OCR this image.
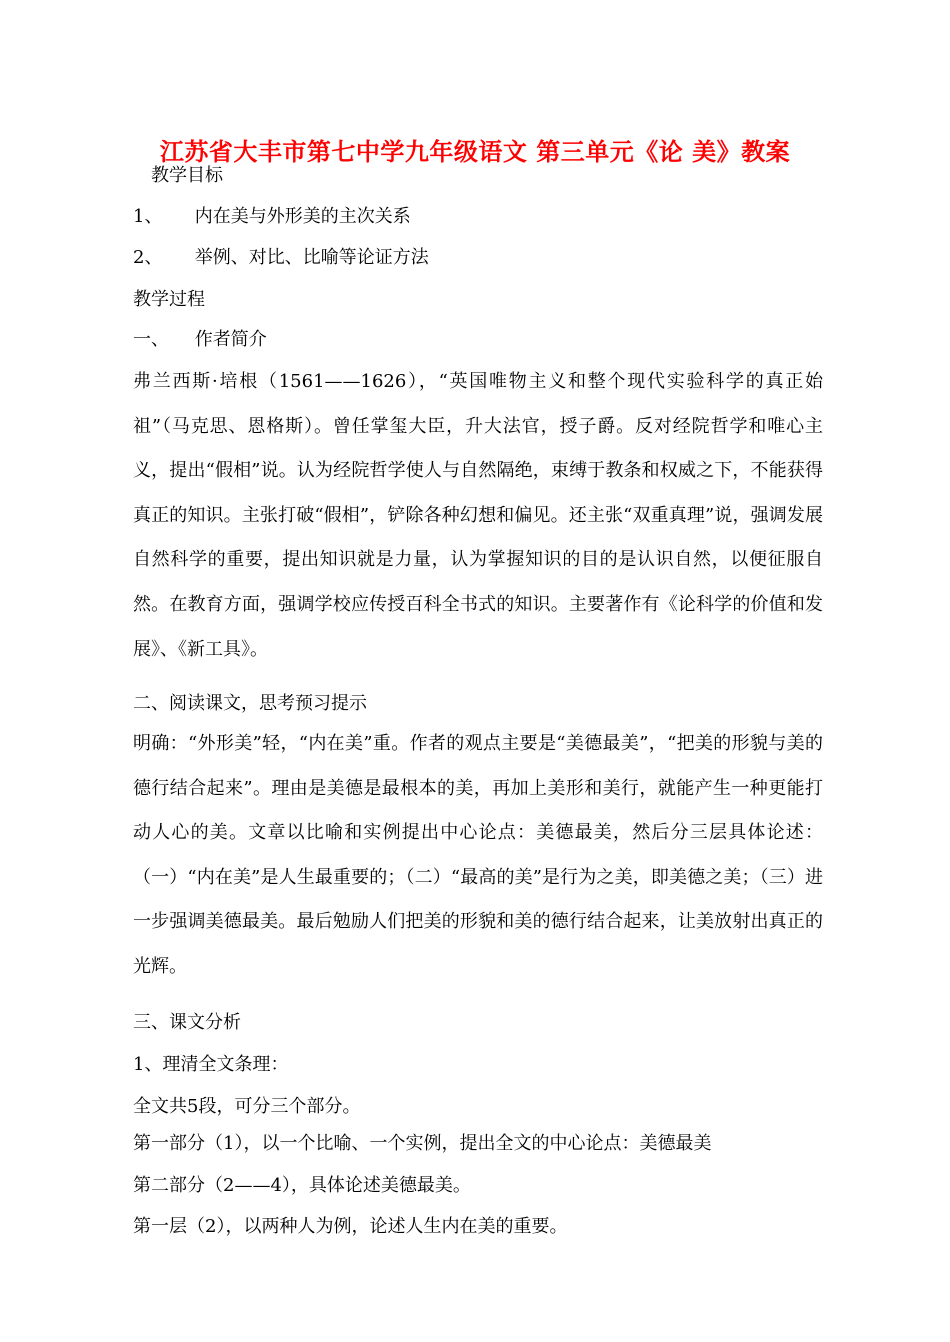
江苏省大丰市第七中学九年级语文 第三单元《论 美》教案
教学目标
1、 内在美与外形美的主次关系
2、 举例、对比、比喻等论证方法
教学过程
一、 作者简介
弗兰西斯·培根（1561——1626），“英国唯物主义和整个现代实验科学的真正始祖”（马克思、恩格斯）。曾任掌玺大臣，升大法官，授子爵。反对经院哲学和唯心主义，提出“假相”说。认为经院哲学使人与自然隔绝，束缚于教条和权威之下，不能获得真正的知识。主张打破“假相”，铲除各种幻想和偏见。还主张“双重真理”说，强调发展自然科学的重要，提出知识就是力量，认为掌握知识的目的是认识自然，以便征服自然。在教育方面，强调学校应传授百科全书式的知识。主要著作有《论科学的价值和发展》、《新工具》。
二、阅读课文，思考预习提示
明确：“外形美”轻，“内在美”重。作者的观点主要是“美德最美”，“把美的形貌与美的德行结合起来”。理由是美德是最根本的美，再加上美形和美行，就能产生一种更能打动人心的美。文章以比喻和实例提出中心论点：美德最美，然后分三层具体论述：（一）“内在美”是人生最重要的；（二）“最高的美”是行为之美，即美德之美；（三）进一步强调美德最美。最后勉励人们把美的形貌和美的德行结合起来，让美放射出真正的光辉。
三、课文分析
1、理清全文条理：
全文共5段，可分三个部分。
第一部分（1），以一个比喻、一个实例，提出全文的中心论点：美德最美
第二部分（2——4），具体论述美德最美。
第一层（2），以两种人为例，论述人生内在美的重要。
